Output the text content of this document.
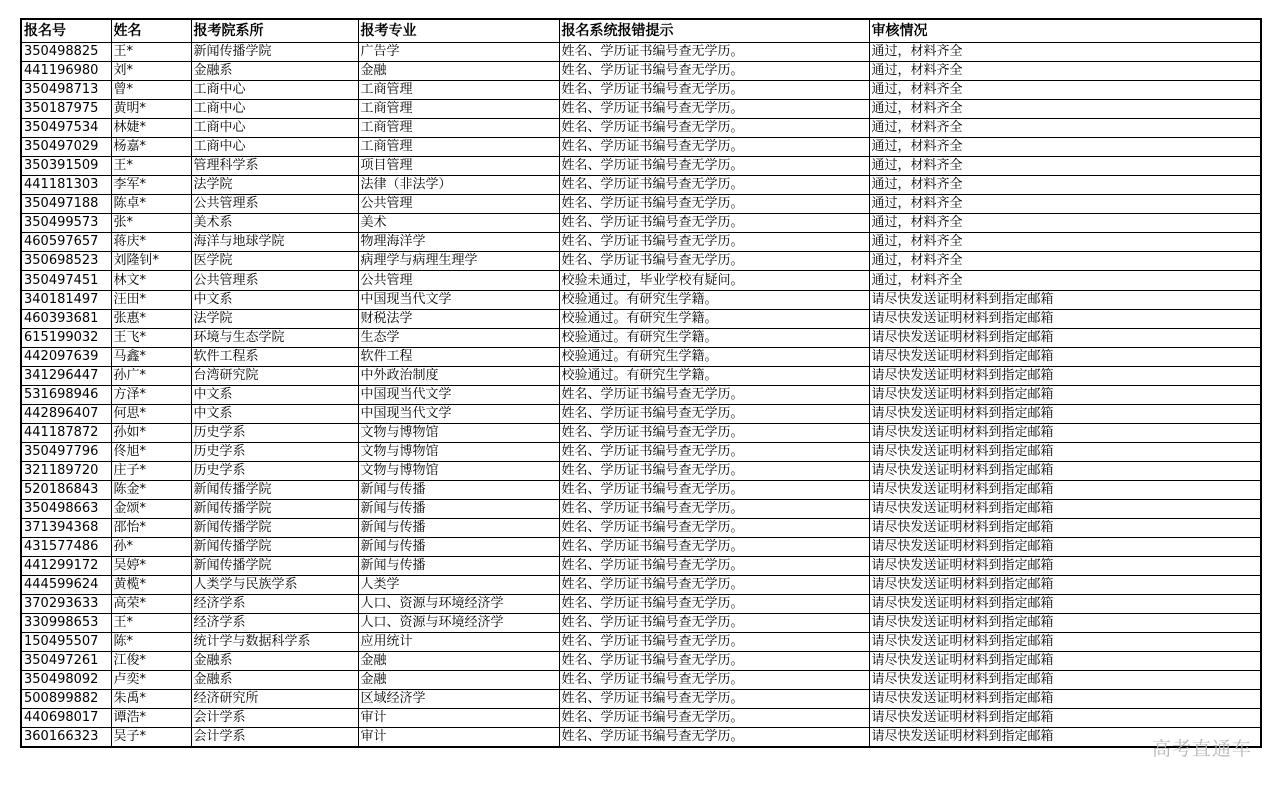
报名号	姓名	报考院系所	报考专业	报名系统报错提示	审核情况
350498825	王*	新闻传播学院	广告学	姓名、学历证书编号查无学历。	通过，材料齐全
441196980	刘*	金融系	金融	姓名、学历证书编号查无学历。	通过，材料齐全
350498713	曾*	工商中心	工商管理	姓名、学历证书编号查无学历。	通过，材料齐全
350187975	黄明*	工商中心	工商管理	姓名、学历证书编号查无学历。	通过，材料齐全
350497534	林婕*	工商中心	工商管理	姓名、学历证书编号查无学历。	通过，材料齐全
350497029	杨嘉*	工商中心	工商管理	姓名、学历证书编号查无学历。	通过，材料齐全
350391509	王*	管理科学系	项目管理	姓名、学历证书编号查无学历。	通过，材料齐全
441181303	李军*	法学院	法律（非法学）	姓名、学历证书编号查无学历。	通过，材料齐全
350497188	陈卓*	公共管理系	公共管理	姓名、学历证书编号查无学历。	通过，材料齐全
350499573	张*	美术系	美术	姓名、学历证书编号查无学历。	通过，材料齐全
460597657	蒋庆*	海洋与地球学院	物理海洋学	姓名、学历证书编号查无学历。	通过，材料齐全
350698523	刘隆钊*	医学院	病理学与病理生理学	姓名、学历证书编号查无学历。	通过，材料齐全
350497451	林文*	公共管理系	公共管理	校验未通过，毕业学校有疑问。	通过，材料齐全
340181497	汪田*	中文系	中国现当代文学	校验通过。有研究生学籍。	请尽快发送证明材料到指定邮箱
460393681	张惠*	法学院	财税法学	校验通过。有研究生学籍。	请尽快发送证明材料到指定邮箱
615199032	王飞*	环境与生态学院	生态学	校验通过。有研究生学籍。	请尽快发送证明材料到指定邮箱
442097639	马鑫*	软件工程系	软件工程	校验通过。有研究生学籍。	请尽快发送证明材料到指定邮箱
341296447	孙广*	台湾研究院	中外政治制度	校验通过。有研究生学籍。	请尽快发送证明材料到指定邮箱
531698946	方泽*	中文系	中国现当代文学	姓名、学历证书编号查无学历。	请尽快发送证明材料到指定邮箱
442896407	何思*	中文系	中国现当代文学	姓名、学历证书编号查无学历。	请尽快发送证明材料到指定邮箱
441187872	孙如*	历史学系	文物与博物馆	姓名、学历证书编号查无学历。	请尽快发送证明材料到指定邮箱
350497796	佟旭*	历史学系	文物与博物馆	姓名、学历证书编号查无学历。	请尽快发送证明材料到指定邮箱
321189720	庄子*	历史学系	文物与博物馆	姓名、学历证书编号查无学历。	请尽快发送证明材料到指定邮箱
520186843	陈金*	新闻传播学院	新闻与传播	姓名、学历证书编号查无学历。	请尽快发送证明材料到指定邮箱
350498663	金颂*	新闻传播学院	新闻与传播	姓名、学历证书编号查无学历。	请尽快发送证明材料到指定邮箱
371394368	邵怡*	新闻传播学院	新闻与传播	姓名、学历证书编号查无学历。	请尽快发送证明材料到指定邮箱
431577486	孙*	新闻传播学院	新闻与传播	姓名、学历证书编号查无学历。	请尽快发送证明材料到指定邮箱
441299172	吴婷*	新闻传播学院	新闻与传播	姓名、学历证书编号查无学历。	请尽快发送证明材料到指定邮箱
444599624	黄榄*	人类学与民族学系	人类学	姓名、学历证书编号查无学历。	请尽快发送证明材料到指定邮箱
370293633	高荣*	经济学系	人口、资源与环境经济学	姓名、学历证书编号查无学历。	请尽快发送证明材料到指定邮箱
330998653	王*	经济学系	人口、资源与环境经济学	姓名、学历证书编号查无学历。	请尽快发送证明材料到指定邮箱
150495507	陈*	统计学与数据科学系	应用统计	姓名、学历证书编号查无学历。	请尽快发送证明材料到指定邮箱
350497261	江俊*	金融系	金融	姓名、学历证书编号查无学历。	请尽快发送证明材料到指定邮箱
350498092	卢奕*	金融系	金融	姓名、学历证书编号查无学历。	请尽快发送证明材料到指定邮箱
500899882	朱禹*	经济研究所	区域经济学	姓名、学历证书编号查无学历。	请尽快发送证明材料到指定邮箱
440698017	谭浩*	会计学系	审计	姓名、学历证书编号查无学历。	请尽快发送证明材料到指定邮箱
360166323	吴子*	会计学系	审计	姓名、学历证书编号查无学历。	请尽快发送证明材料到指定邮箱
高考直通车
